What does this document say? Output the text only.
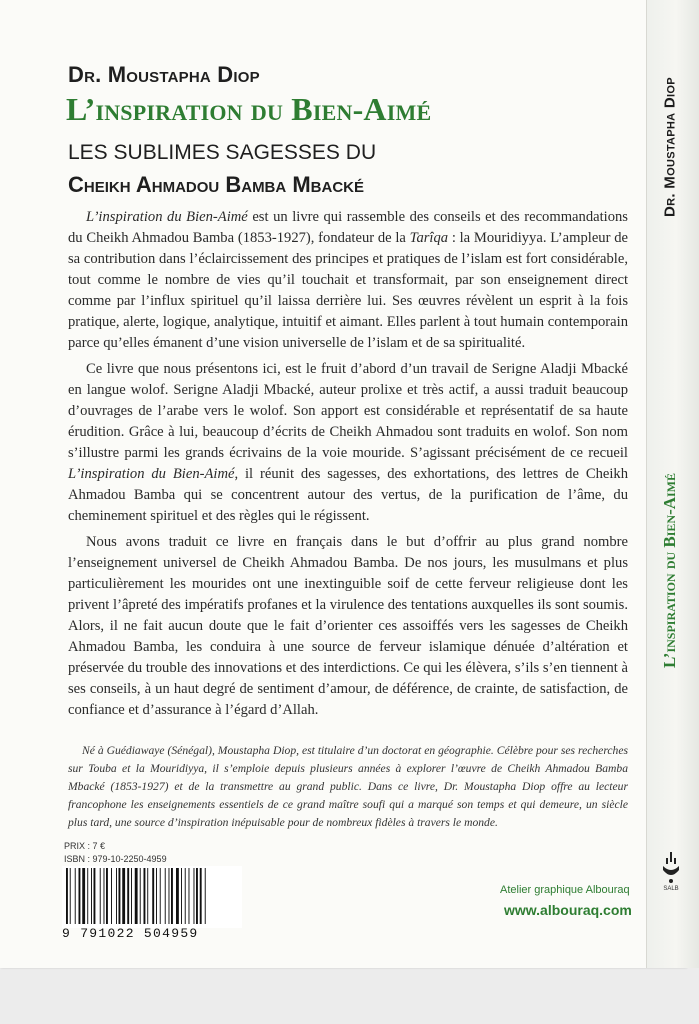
Dr. Moustapha Diop
L’inspiration du Bien-Aimé
LES SUBLIMES SAGESSES DU
Cheikh Ahmadou Bamba Mbacké

L’inspiration du Bien-Aimé est un livre qui rassemble des conseils et des recommandations du Cheikh Ahmadou Bamba (1853-1927), fondateur de la Tarîqa : la Mouridiyya. L’ampleur de sa contribution dans l’éclaircissement des principes et pratiques de l’islam est fort considérable, tout comme le nombre de vies qu’il touchait et transformait, par son enseignement direct comme par l’influx spirituel qu’il laissa derrière lui. Ses œuvres révèlent un esprit à la fois pratique, alerte, logique, analytique, intuitif et aimant. Elles parlent à tout humain contemporain parce qu’elles émanent d’une vision universelle de l’islam et de sa spiritualité.

Ce livre que nous présentons ici, est le fruit d’abord d’un travail de Serigne Aladji Mbacké en langue wolof. Serigne Aladji Mbacké, auteur prolixe et très actif, a aussi traduit beaucoup d’ouvrages de l’arabe vers le wolof. Son apport est considérable et représentatif de sa haute érudition. Grâce à lui, beaucoup d’écrits de Cheikh Ahmadou sont traduits en wolof. Son nom s’illustre parmi les grands écrivains de la voie mouride. S’agissant précisément de ce recueil L’inspiration du Bien-Aimé, il réunit des sagesses, des exhortations, des lettres de Cheikh Ahmadou Bamba qui se concentrent autour des vertus, de la purification de l’âme, du cheminement spirituel et des règles qui le régissent.

Nous avons traduit ce livre en français dans le but d’offrir au plus grand nombre l’enseignement universel de Cheikh Ahmadou Bamba. De nos jours, les musulmans et plus particulièrement les mourides ont une inextinguible soif de cette ferveur religieuse dont les privent l’âpreté des impératifs profanes et la virulence des tentations auxquelles ils sont soumis. Alors, il ne fait aucun doute que le fait d’orienter ces assoiffés vers les sagesses de Cheikh Ahmadou Bamba, les conduira à une source de ferveur islamique dénuée d’altération et préservée du trouble des innovations et des interdictions. Ce qui les élèvera, s’ils s’en tiennent à ses conseils, à un haut degré de sentiment d’amour, de déférence, de crainte, de satisfaction, de confiance et d’assurance à l’égard d’Allah.

Né à Guédiawaye (Sénégal), Moustapha Diop, est titulaire d’un doctorat en géographie. Célèbre pour ses recherches sur Touba et la Mouridiyya, il s’emploie depuis plusieurs années à explorer l’œuvre de Cheikh Ahmadou Bamba Mbacké (1853-1927) et de la transmettre au grand public. Dans ce livre, Dr. Moustapha Diop offre au lecteur francophone les enseignements essentiels de ce grand maître soufi qui a marqué son temps et qui demeure, un siècle plus tard, une source d’inspiration inépuisable pour de nombreux fidèles à travers le monde.
PRIX : 7 €
ISBN : 979-10-2250-4959
9 791022 504959
Atelier graphique Albouraq
www.albouraq.com
Dr. Moustapha Diop
L’inspiration du Bien-Aimé
SALB
